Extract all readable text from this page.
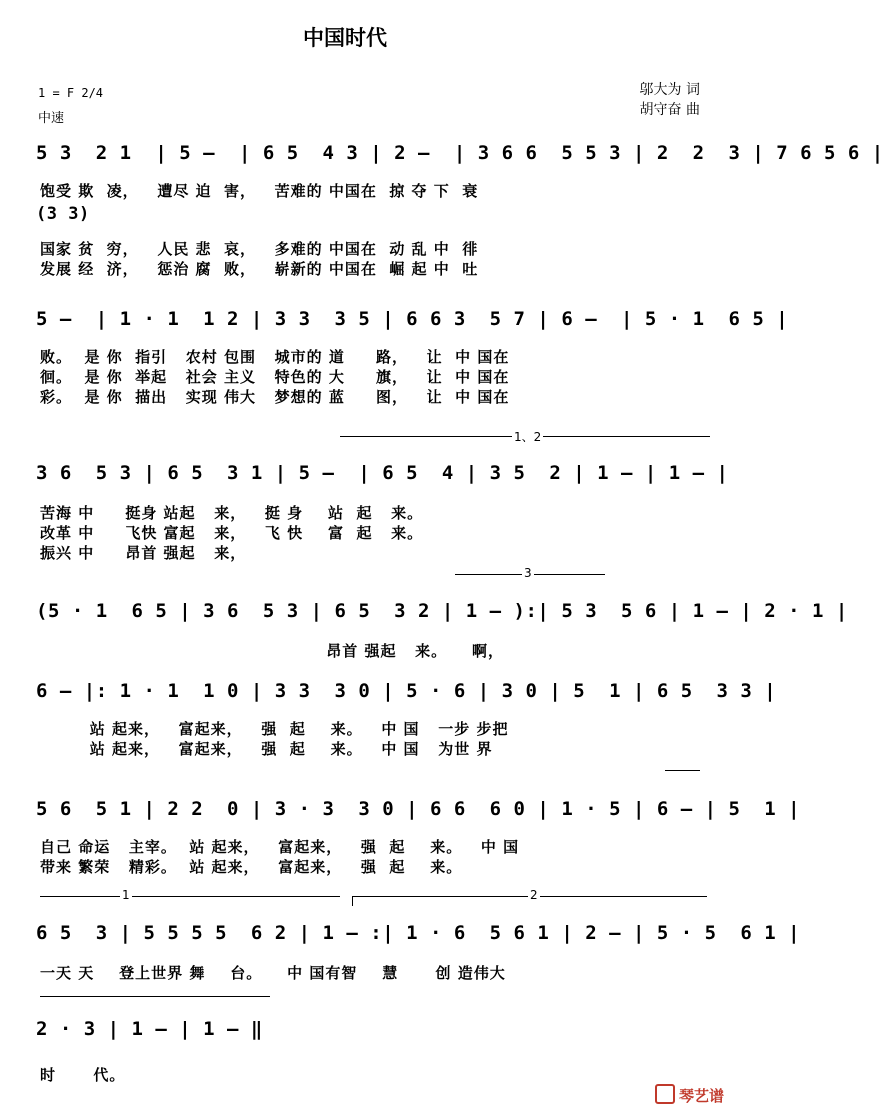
中国时代
邬大为 词
胡守奋 曲
1 = F 2/4
中速
5 3  2 1  | 5 —  | 6 5  4 3 | 2 —  | 3 6 6  5 5 3 | 2  2  3 | 7 6 5 6 |
饱受 欺  凌，   遭尽 迫  害，   苦难的 中国在  掠 夺 下  衰
(3 3)
国家 贫  穷，   人民 悲  哀，   多难的 中国在  动 乱 中  徘
发展 经  济，   惩治 腐  败，   崭新的 中国在  崛 起 中  吐
5 —  | 1 · 1  1 2 | 3 3  3 5 | 6 6 3  5 7 | 6 —  | 5 · 1  6 5 |
败。  是 你  指引   农村 包围   城市的 道     路，   让  中 国在
徊。  是 你  举起   社会 主义   特色的 大     旗，   让  中 国在
彩。  是 你  描出   实现 伟大   梦想的 蓝     图，   让  中 国在
1、2
3 6  5 3 | 6 5  3 1 | 5 —  | 6 5  4 | 3 5  2 | 1 — | 1 — |
苦海 中     挺身 站起   来，   挺 身    站  起   来。
改革 中     飞快 富起   来，   飞 快    富  起   来。
振兴 中     昂首 强起   来，
3
(5 · 1  6 5 | 3 6  5 3 | 6 5  3 2 | 1 — ):| 5 3  5 6 | 1 — | 2 · 1 |
昂首 强起   来。    啊，
6 — |: 1 · 1  1 0 | 3 3  3 0 | 5 · 6 | 3 0 | 5  1 | 6 5  3 3 |
站 起来，   富起来，   强  起    来。   中 国   一步 步把
站 起来，   富起来，   强  起    来。   中 国   为世 界
5 6  5 1 | 2 2  0 | 3 · 3  3 0 | 6 6  6 0 | 1 · 5 | 6 — | 5  1 |
自己 命运   主宰。  站 起来，   富起来，   强  起    来。   中 国
带来 繁荣   精彩。  站 起来，   富起来，   强  起    来。
1	2
6 5  3 | 5 5 5 5  6 2 | 1 — :| 1 · 6  5 6 1 | 2 — | 5 · 5  6 1 |
一天 天    登上世界 舞    台。    中 国有智    慧      创 造伟大
2 · 3 | 1 — | 1 — ‖
时      代。
琴艺谱
